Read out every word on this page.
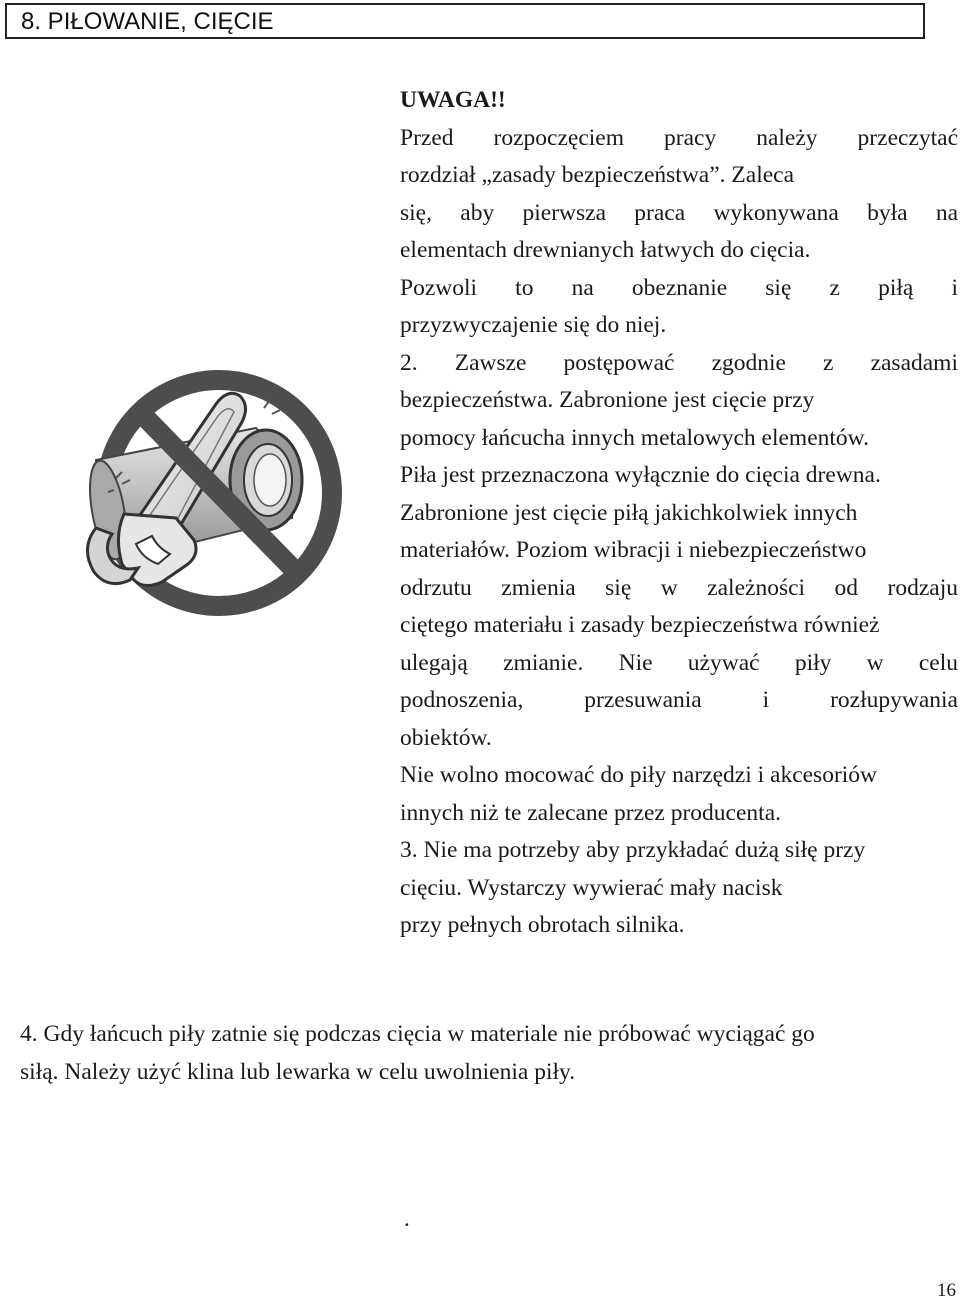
8. PIŁOWANIE, CIĘCIE
UWAGA!!
Przed rozpoczęciem pracy należy przeczytać
rozdział „zasady bezpieczeństwa”. Zaleca
się, aby pierwsza praca wykonywana była na
elementach drewnianych łatwych do cięcia.
Pozwoli to na obeznanie się z piłą i
przyzwyczajenie się do niej.
2. Zawsze postępować zgodnie z zasadami
bezpieczeństwa. Zabronione jest cięcie przy
pomocy łańcucha innych metalowych elementów.
Piła jest przeznaczona wyłącznie do cięcia drewna.
Zabronione jest cięcie piłą jakichkolwiek innych
materiałów. Poziom wibracji i niebezpieczeństwo
odrzutu zmienia się w zależności od rodzaju
ciętego materiału i zasady bezpieczeństwa również
ulegają zmianie. Nie używać piły w celu
podnoszenia, przesuwania i rozłupywania
obiektów.
Nie wolno mocować do piły narzędzi i akcesoriów
innych niż te zalecane przez producenta.
3. Nie ma potrzeby aby przykładać dużą siłę przy
cięciu. Wystarczy wywierać mały nacisk
przy pełnych obrotach silnika.
4. Gdy łańcuch piły zatnie się podczas cięcia w materiale nie próbować wyciągać go
siłą. Należy użyć klina lub lewarka w celu uwolnienia piły.
.
16
